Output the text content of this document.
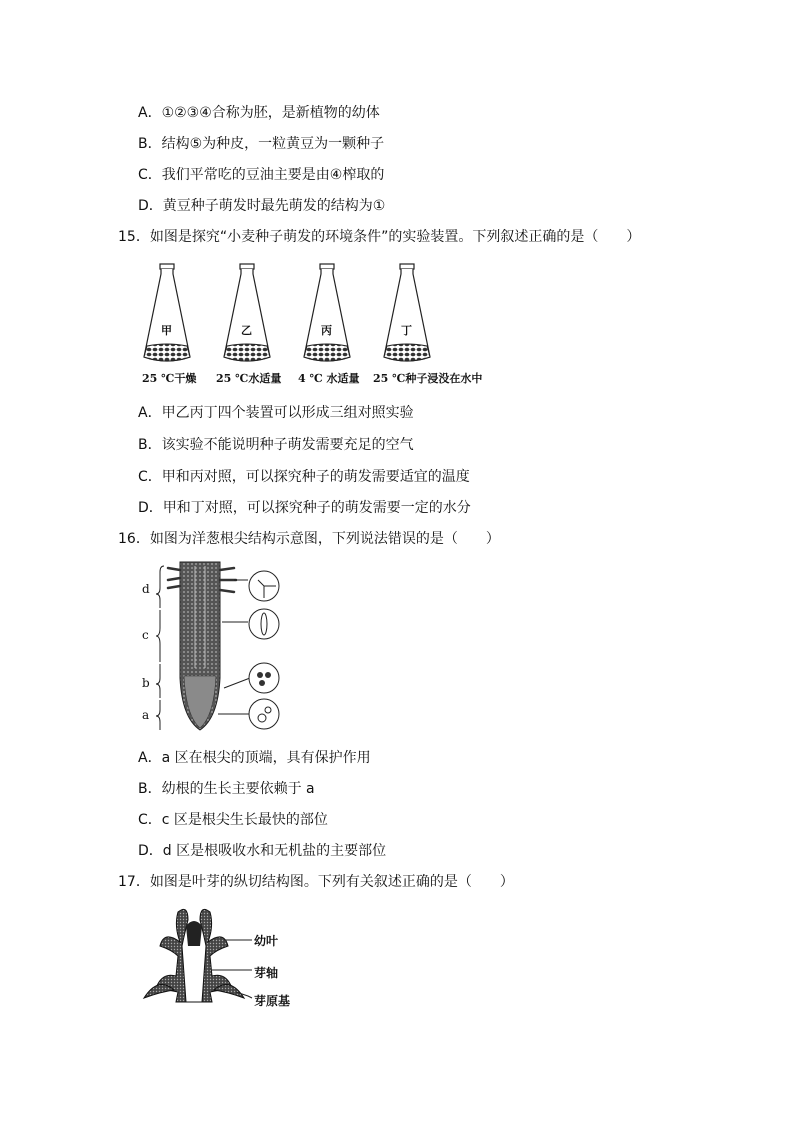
A．①②③④合称为胚，是新植物的幼体
B．结构⑤为种皮，一粒黄豆为一颗种子
C．我们平常吃的豆油主要是由④榨取的
D．黄豆种子萌发时最先萌发的结构为①
15．如图是探究“小麦种子萌发的环境条件”的实验装置。下列叙述正确的是（　　）
甲	乙	丙	丁
25 ℃干燥 25 ℃水适量 4 ℃ 水适量 25 ℃种子浸没在水中
A．甲乙丙丁四个装置可以形成三组对照实验
B．该实验不能说明种子萌发需要充足的空气
C．甲和丙对照，可以探究种子的萌发需要适宜的温度
D．甲和丁对照，可以探究种子的萌发需要一定的水分
16．如图为洋葱根尖结构示意图，下列说法错误的是（　　）
d
c
b
a
A．a 区在根尖的顶端，具有保护作用
B．幼根的生长主要依赖于 a
C．c 区是根尖生长最快的部位
D．d 区是根吸收水和无机盐的主要部位
17．如图是叶芽的纵切结构图。下列有关叙述正确的是（　　）
幼叶
芽轴
芽原基
